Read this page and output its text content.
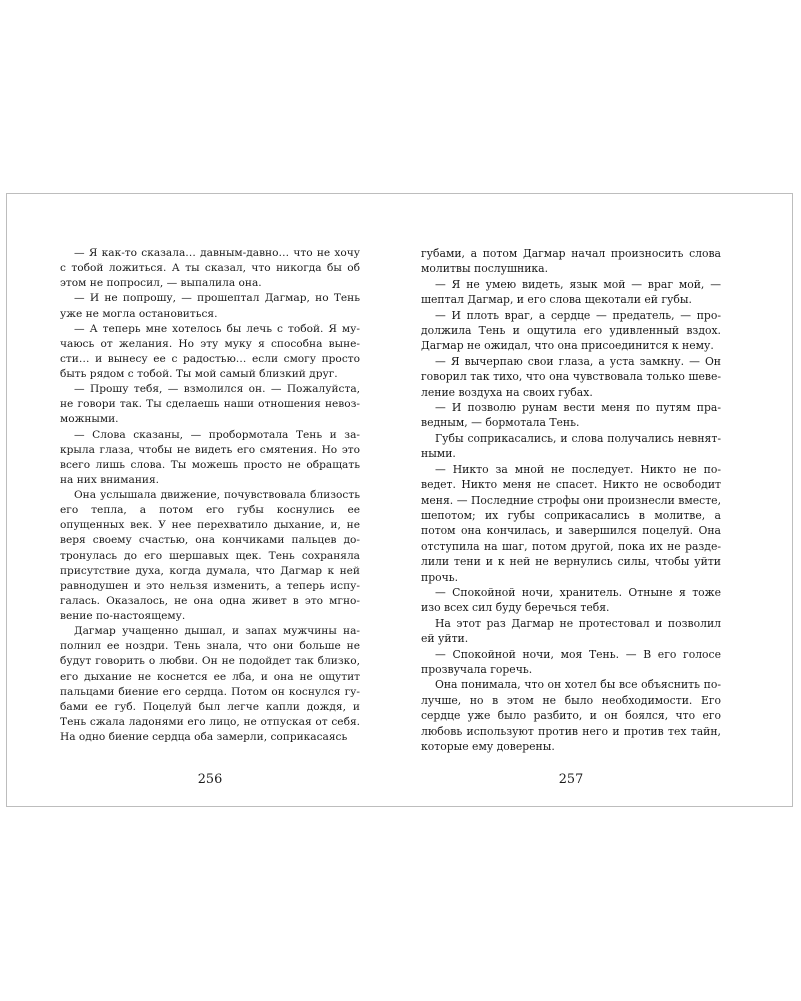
— Я как-то сказала… давным-давно… что не хочу с тобой ложиться. А ты сказал, что никогда бы об этом не попросил, — выпалила она.

— И не попрошу, — прошептал Дагмар, но Тень уже не могла остановиться.

— А теперь мне хотелось бы лечь с тобой. Я мучаюсь от желания. Но эту муку я способна вынести… и вынесу ее с радостью… если смогу просто быть рядом с тобой. Ты мой самый близкий друг.

— Прошу тебя, — взмолился он. — Пожалуйста, не говори так. Ты сделаешь наши отношения невозможными.

— Слова сказаны, — пробормотала Тень и закрыла глаза, чтобы не видеть его смятения. Но это всего лишь слова. Ты можешь просто не обращать на них внимания.

Она услышала движение, почувствовала близость его тепла, а потом его губы коснулись ее опущенных век. У нее перехватило дыхание, и, не веря своему счастью, она кончиками пальцев дотронулась до его шершавых щек. Тень сохраняла присутствие духа, когда думала, что Дагмар к ней равнодушен и это нельзя изменить, а теперь испугалась. Оказалось, не она одна живет в это мгновение по-настоящему.

Дагмар учащенно дышал, и запах мужчины наполнил ее ноздри. Тень знала, что они больше не будут говорить о любви. Он не подойдет так близко, его дыхание не коснется ее лба, и она не ощутит пальцами биение его сердца. Потом он коснулся губами ее губ. Поцелуй был легче капли дождя, и Тень сжала ладонями его лицо, не отпуская от себя. На одно биение сердца оба замерли, соприкасаясь

256

губами, а потом Дагмар начал произносить слова молитвы послушника.

— Я не умею видеть, язык мой — враг мой, — шептал Дагмар, и его слова щекотали ей губы.

— И плоть враг, а сердце — предатель, — продолжила Тень и ощутила его удивленный вздох. Дагмар не ожидал, что она присоединится к нему.

— Я вычерпаю свои глаза, а уста замкну. — Он говорил так тихо, что она чувствовала только шевеление воздуха на своих губах.

— И позволю рунам вести меня по путям праведным, — бормотала Тень.

Губы соприкасались, и слова получались невнятными.

— Никто за мной не последует. Никто не поведет. Никто меня не спасет. Никто не освободит меня. — Последние строфы они произнесли вместе, шепотом; их губы соприкасались в молитве, а потом она кончилась, и завершился поцелуй. Она отступила на шаг, потом другой, пока их не разделили тени и к ней не вернулись силы, чтобы уйти прочь.

— Спокойной ночи, хранитель. Отныне я тоже изо всех сил буду беречься тебя.

На этот раз Дагмар не протестовал и позволил ей уйти.

— Спокойной ночи, моя Тень. — В его голосе прозвучала горечь.

Она понимала, что он хотел бы все объяснить получше, но в этом не было необходимости. Его сердце уже было разбито, и он боялся, что его любовь используют против него и против тех тайн, которые ему доверены.

257
